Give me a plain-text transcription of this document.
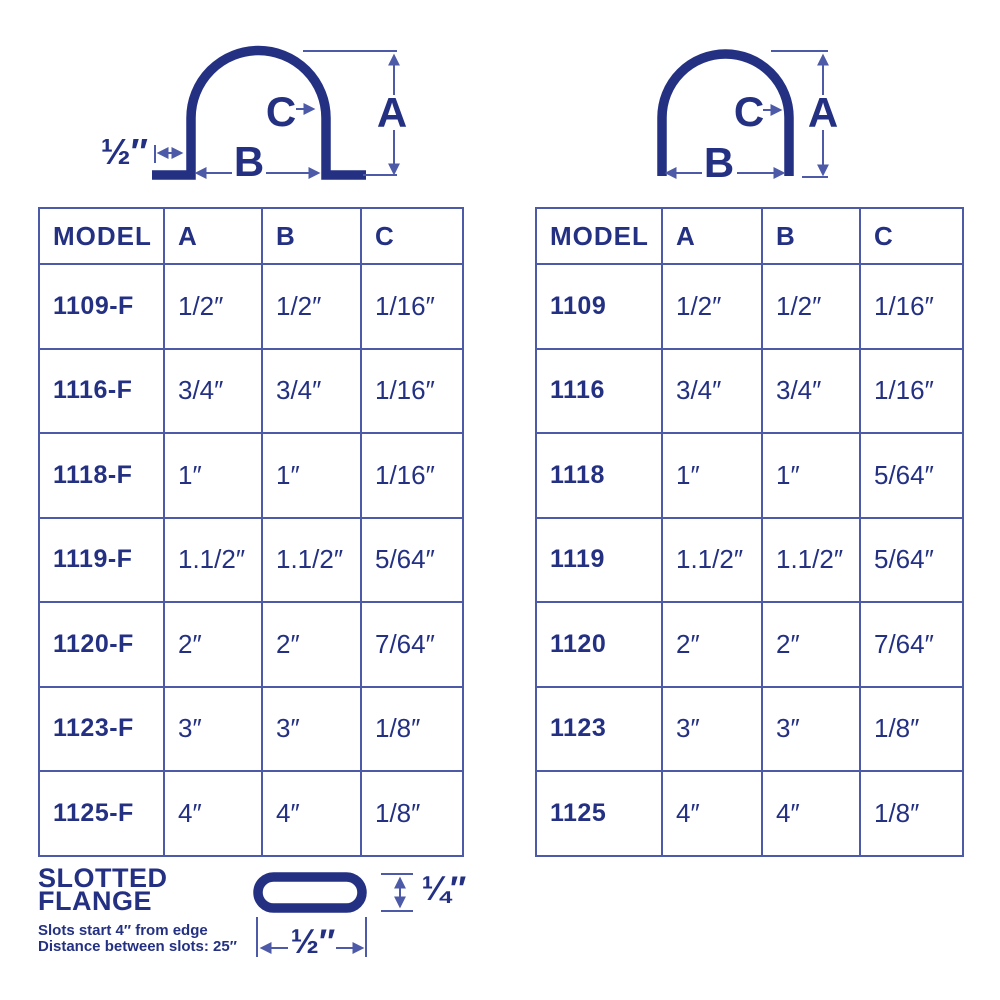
A
C
B
½″
A
C
B
MODEL	A	B	C
1109-F	1/2″	1/2″	1/16″
1116-F	3/4″	3/4″	1/16″
1118-F	1″	1″	1/16″
1119-F	1.1/2″	1.1/2″	5/64″
1120-F	2″	2″	7/64″
1123-F	3″	3″	1/8″
1125-F	4″	4″	1/8″
MODEL	A	B	C
1109	1/2″	1/2″	1/16″
1116	3/4″	3/4″	1/16″
1118	1″	1″	5/64″
1119	1.1/2″	1.1/2″	5/64″
1120	2″	2″	7/64″
1123	3″	3″	1/8″
1125	4″	4″	1/8″
SLOTTED
FLANGE
Slots start 4″ from edge
Distance between slots: 25″
¼″
½″
